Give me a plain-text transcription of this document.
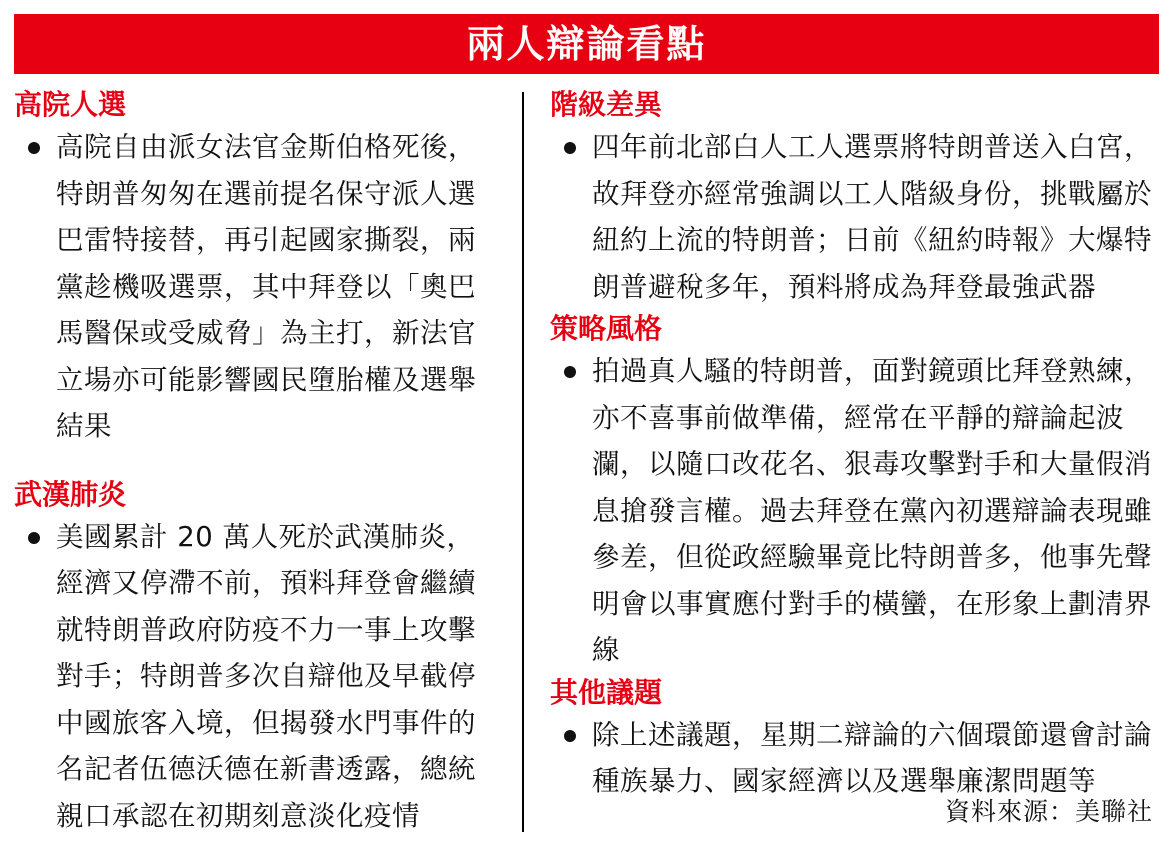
兩人辯論看點
高院人選

高院自由派女法官金斯伯格死後，特朗普匆匆在選前提名保守派人選巴雷特接替，再引起國家撕裂，兩黨趁機吸選票，其中拜登以「奧巴馬醫保或受威脅」為主打，新法官立場亦可能影響國民墮胎權及選舉結果

武漢肺炎

美國累計 20 萬人死於武漢肺炎，經濟又停滯不前，預料拜登會繼續就特朗普政府防疫不力一事上攻擊對手；特朗普多次自辯他及早截停中國旅客入境，但揭發水門事件的名記者伍德沃德在新書透露，總統親口承認在初期刻意淡化疫情

階級差異

四年前北部白人工人選票將特朗普送入白宮，故拜登亦經常強調以工人階級身份，挑戰屬於紐約上流的特朗普；日前《紐約時報》大爆特朗普避稅多年，預料將成為拜登最強武器

策略風格

拍過真人騷的特朗普，面對鏡頭比拜登熟練，亦不喜事前做準備，經常在平靜的辯論起波瀾，以隨口改花名、狠毒攻擊對手和大量假消息搶發言權。過去拜登在黨內初選辯論表現雖參差，但從政經驗畢竟比特朗普多，他事先聲明會以事實應付對手的橫蠻，在形象上劃清界線

其他議題

除上述議題，星期二辯論的六個環節還會討論種族暴力、國家經濟以及選舉廉潔問題等

資料來源：美聯社
